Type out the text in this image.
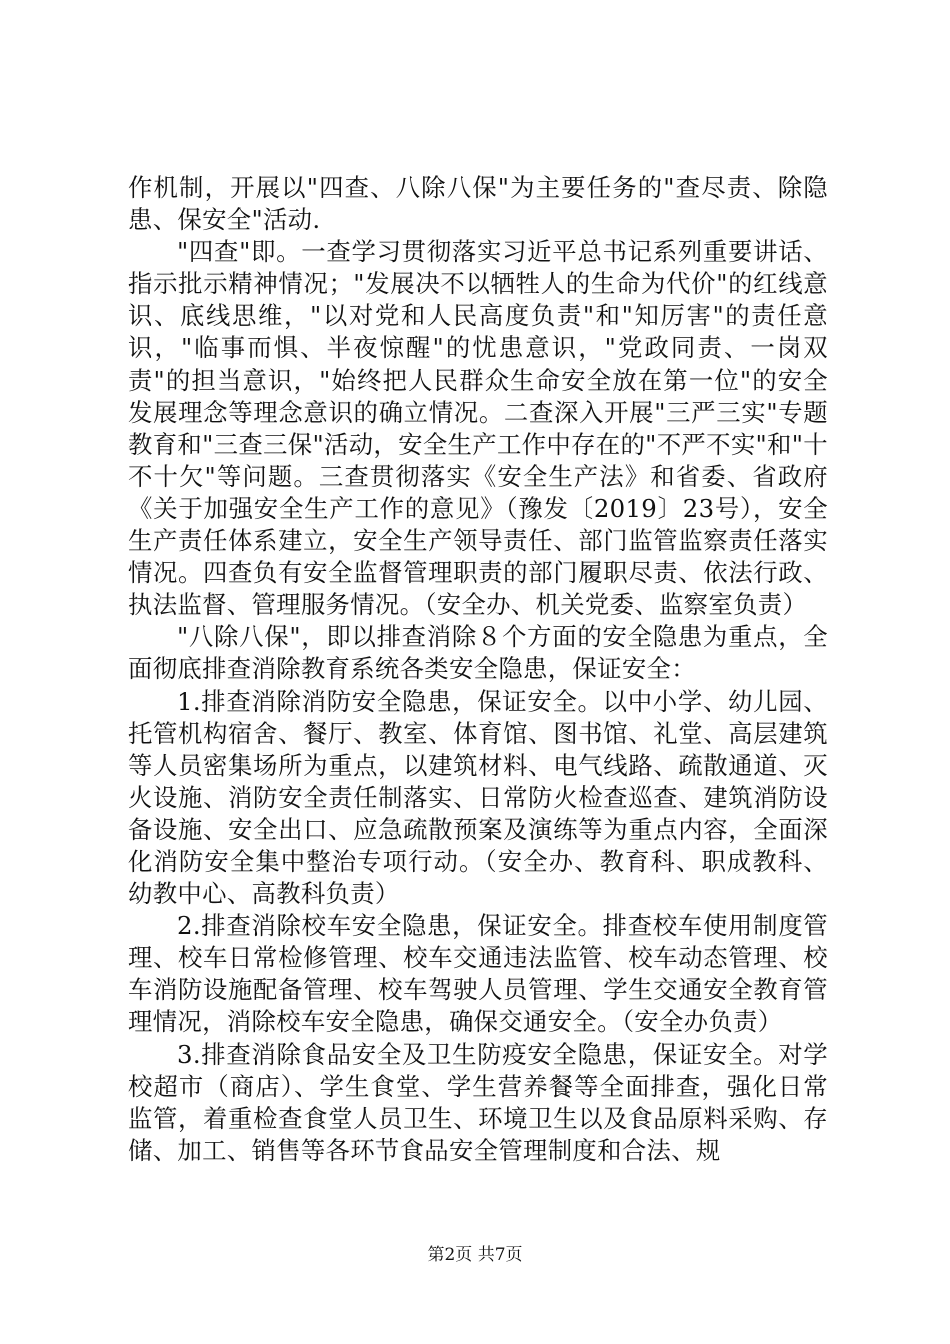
作机制，开展以"四查、八除八保"为主要任务的"查尽责、除隐患、保安全"活动.

"四查"即。一查学习贯彻落实习近平总书记系列重要讲话、指示批示精神情况；"发展决不以牺牲人的生命为代价"的红线意识、底线思维，"以对党和人民高度负责"和"知厉害"的责任意识，"临事而惧、半夜惊醒"的忧患意识，"党政同责、一岗双责"的担当意识，"始终把人民群众生命安全放在第一位"的安全发展理念等理念意识的确立情况。二查深入开展"三严三实"专题教育和"三查三保"活动，安全生产工作中存在的"不严不实"和"十不十欠"等问题。三查贯彻落实《安全生产法》和省委、省政府《关于加强安全生产工作的意见》（豫发〔2019〕23号），安全生产责任体系建立，安全生产领导责任、部门监管监察责任落实情况。四查负有安全监督管理职责的部门履职尽责、依法行政、执法监督、管理服务情况。（安全办、机关党委、监察室负责）

"八除八保"，即以排查消除８个方面的安全隐患为重点，全面彻底排查消除教育系统各类安全隐患，保证安全：

1.排查消除消防安全隐患，保证安全。以中小学、幼儿园、托管机构宿舍、餐厅、教室、体育馆、图书馆、礼堂、高层建筑等人员密集场所为重点，以建筑材料、电气线路、疏散通道、灭火设施、消防安全责任制落实、日常防火检查巡查、建筑消防设备设施、安全出口、应急疏散预案及演练等为重点内容，全面深化消防安全集中整治专项行动。（安全办、教育科、职成教科、幼教中心、高教科负责）

2.排查消除校车安全隐患，保证安全。排查校车使用制度管理、校车日常检修管理、校车交通违法监管、校车动态管理、校车消防设施配备管理、校车驾驶人员管理、学生交通安全教育管理情况，消除校车安全隐患，确保交通安全。（安全办负责）

3.排查消除食品安全及卫生防疫安全隐患，保证安全。对学校超市（商店）、学生食堂、学生营养餐等全面排查，强化日常监管，着重检查食堂人员卫生、环境卫生以及食品原料采购、存储、加工、销售等各环节食品安全管理制度和合法、规

第2页 共7页
